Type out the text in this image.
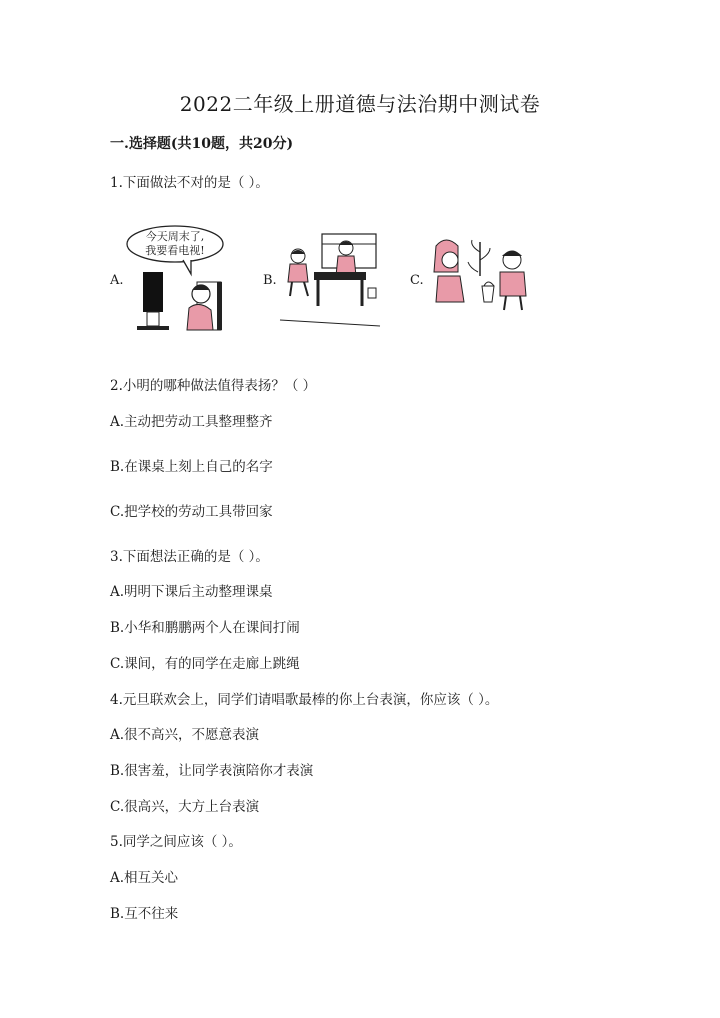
2022二年级上册道德与法治期中测试卷
一.选择题(共10题，共20分)
1.下面做法不对的是（ ）。
A.	B.	C.
今天周末了,
我要看电视!
2.小明的哪种做法值得表扬？（ ）
A.主动把劳动工具整理整齐
B.在课桌上刻上自己的名字
C.把学校的劳动工具带回家
3.下面想法正确的是（ ）。
A.明明下课后主动整理课桌
B.小华和鹏鹏两个人在课间打闹
C.课间，有的同学在走廊上跳绳
4.元旦联欢会上，同学们请唱歌最棒的你上台表演，你应该（ ）。
A.很不高兴，不愿意表演
B.很害羞，让同学表演陪你才表演
C.很高兴，大方上台表演
5.同学之间应该（ ）。
A.相互关心
B.互不往来
